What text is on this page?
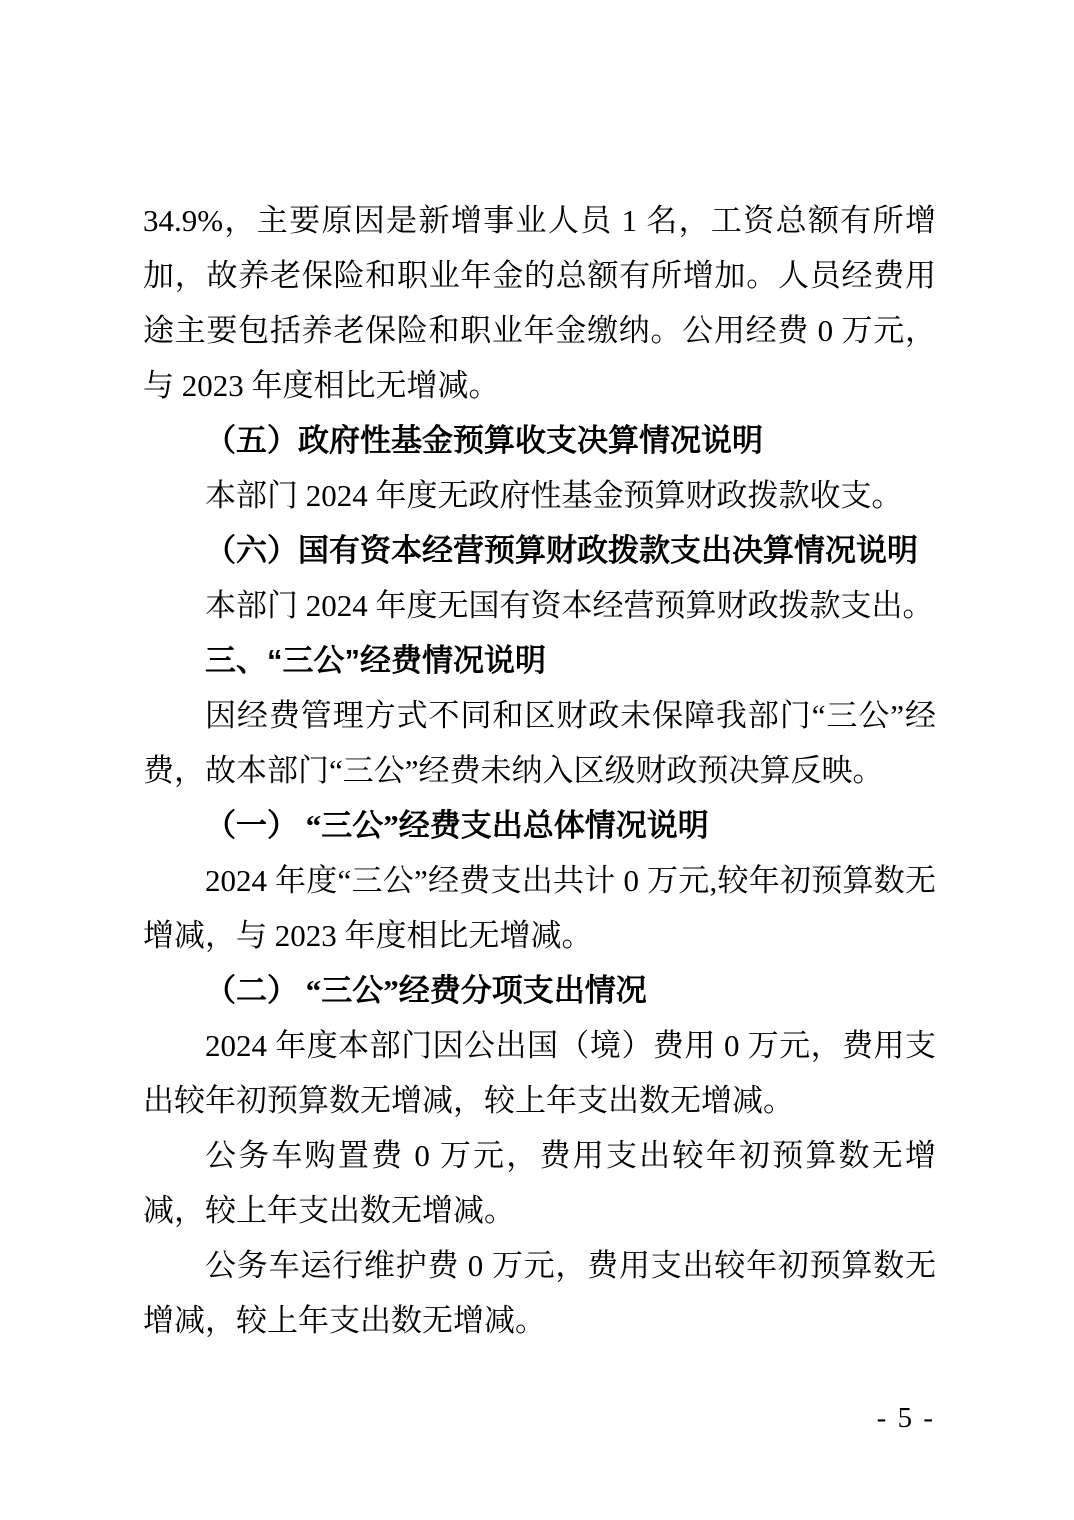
34.9%，主要原因是新增事业人员 1 名，工资总额有所增加，故养老保险和职业年金的总额有所增加。人员经费用途主要包括养老保险和职业年金缴纳。公用经费 0 万元，与 2023 年度相比无增减。

（五）政府性基金预算收支决算情况说明

本部门 2024 年度无政府性基金预算财政拨款收支。

（六）国有资本经营预算财政拨款支出决算情况说明

本部门 2024 年度无国有资本经营预算财政拨款支出。

三、“三公”经费情况说明

因经费管理方式不同和区财政未保障我部门“三公”经费，故本部门“三公”经费未纳入区级财政预决算反映。

（一） “三公”经费支出总体情况说明

2024 年度“三公”经费支出共计 0 万元,较年初预算数无增减，与 2023 年度相比无增减。

（二） “三公”经费分项支出情况

2024 年度本部门因公出国（境）费用 0 万元，费用支出较年初预算数无增减，较上年支出数无增减。

公务车购置费 0 万元，费用支出较年初预算数无增减，较上年支出数无增减。

公务车运行维护费 0 万元，费用支出较年初预算数无增减，较上年支出数无增减。

- 5 -
